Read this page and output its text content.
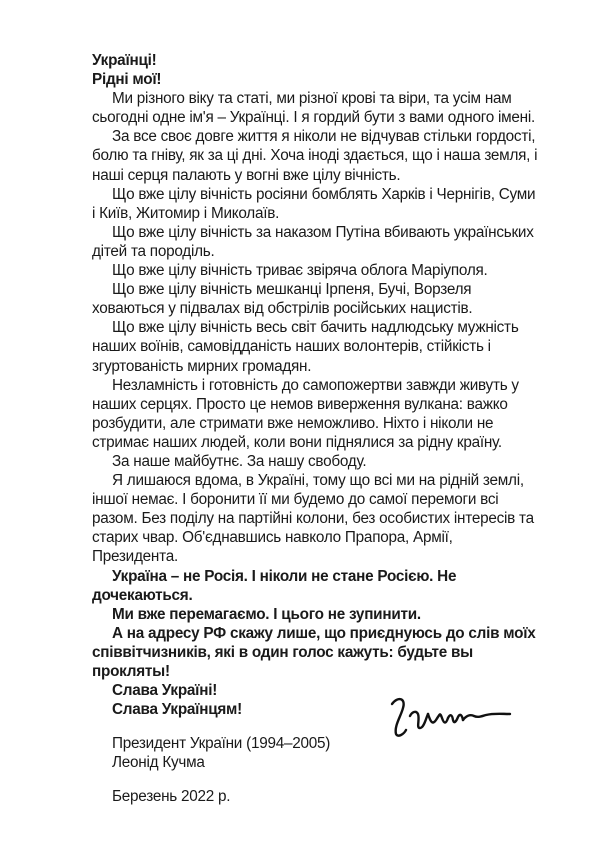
Українці!

Рідні мої!

Ми різного віку та статі, ми різної крові та віри, та усім нам сьогодні одне ім'я – Українці. І я гордий бути з вами одного імені.

За все своє довге життя я ніколи не відчував стільки гордості, болю та гніву, як за ці дні. Хоча іноді здається, що і наша земля, і наші серця палають у вогні вже цілу вічність.

Що вже цілу вічність росіяни бомблять Харків і Чернігів, Суми і Київ, Житомир і Миколаїв.

Що вже цілу вічність за наказом Путіна вбивають українських дітей та породіль.

Що вже цілу вічність триває звіряча облога Маріуполя.

Що вже цілу вічність мешканці Ірпеня, Бучі, Ворзеля ховаються у підвалах від обстрілів російських нацистів.

Що вже цілу вічність весь світ бачить надлюдську мужність наших воїнів, самовідданість наших волонтерів, стійкість і згуртованість мирних громадян.

Незламність і готовність до самопожертви завжди живуть у наших серцях. Просто це немов виверження вулкана: важко розбудити, але стримати вже неможливо. Ніхто і ніколи не стримає наших людей, коли вони піднялися за рідну країну.

За наше майбутнє. За нашу свободу.

Я лишаюся вдома, в Україні, тому що всі ми на рідній землі, іншої немає. І боронити її ми будемо до самої перемоги всі разом. Без поділу на партійні колони, без особистих інтересів та старих чвар. Об'єднавшись навколо Прапора, Армії, Президента.

Україна – не Росія. І ніколи не стане Росією. Не дочекаються.

Ми вже перемагаємо. І цього не зупинити.

А на адресу РФ скажу лише, що приєднуюсь до слів моїх співвітчизників, які в один голос кажуть: будьте вы прокляты!

Слава Україні!

Слава Українцям!

Президент України (1994–2005)

Леонід Кучма

Березень 2022 р.
